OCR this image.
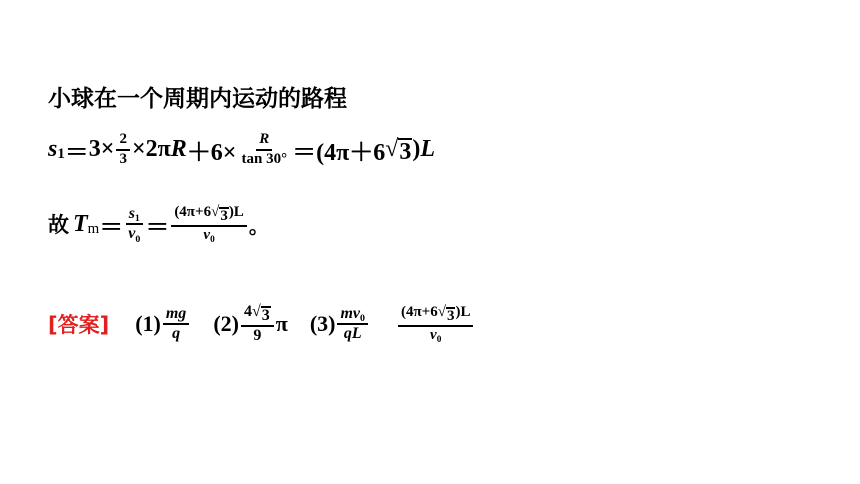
小球在一个周期内运动的路程
s $1 = 3\times \frac{2}{3} \times 2\pi$ $R +6\times \frac{R}{\tan 30^\circ} =(4\pi+6$ √ 3 ) L
故 T $m = \frac{s_1}{v_0} = \frac{(4\pi+6 √ 3 )L}{v_0}$ 。
[答案] $(1) \frac{mg}{q} (2) \frac{4 √ 3}{9}$ π $(3) \frac{mv_0}{qL} \frac{(4\pi+6 √ 3 )L}{v_0}$
